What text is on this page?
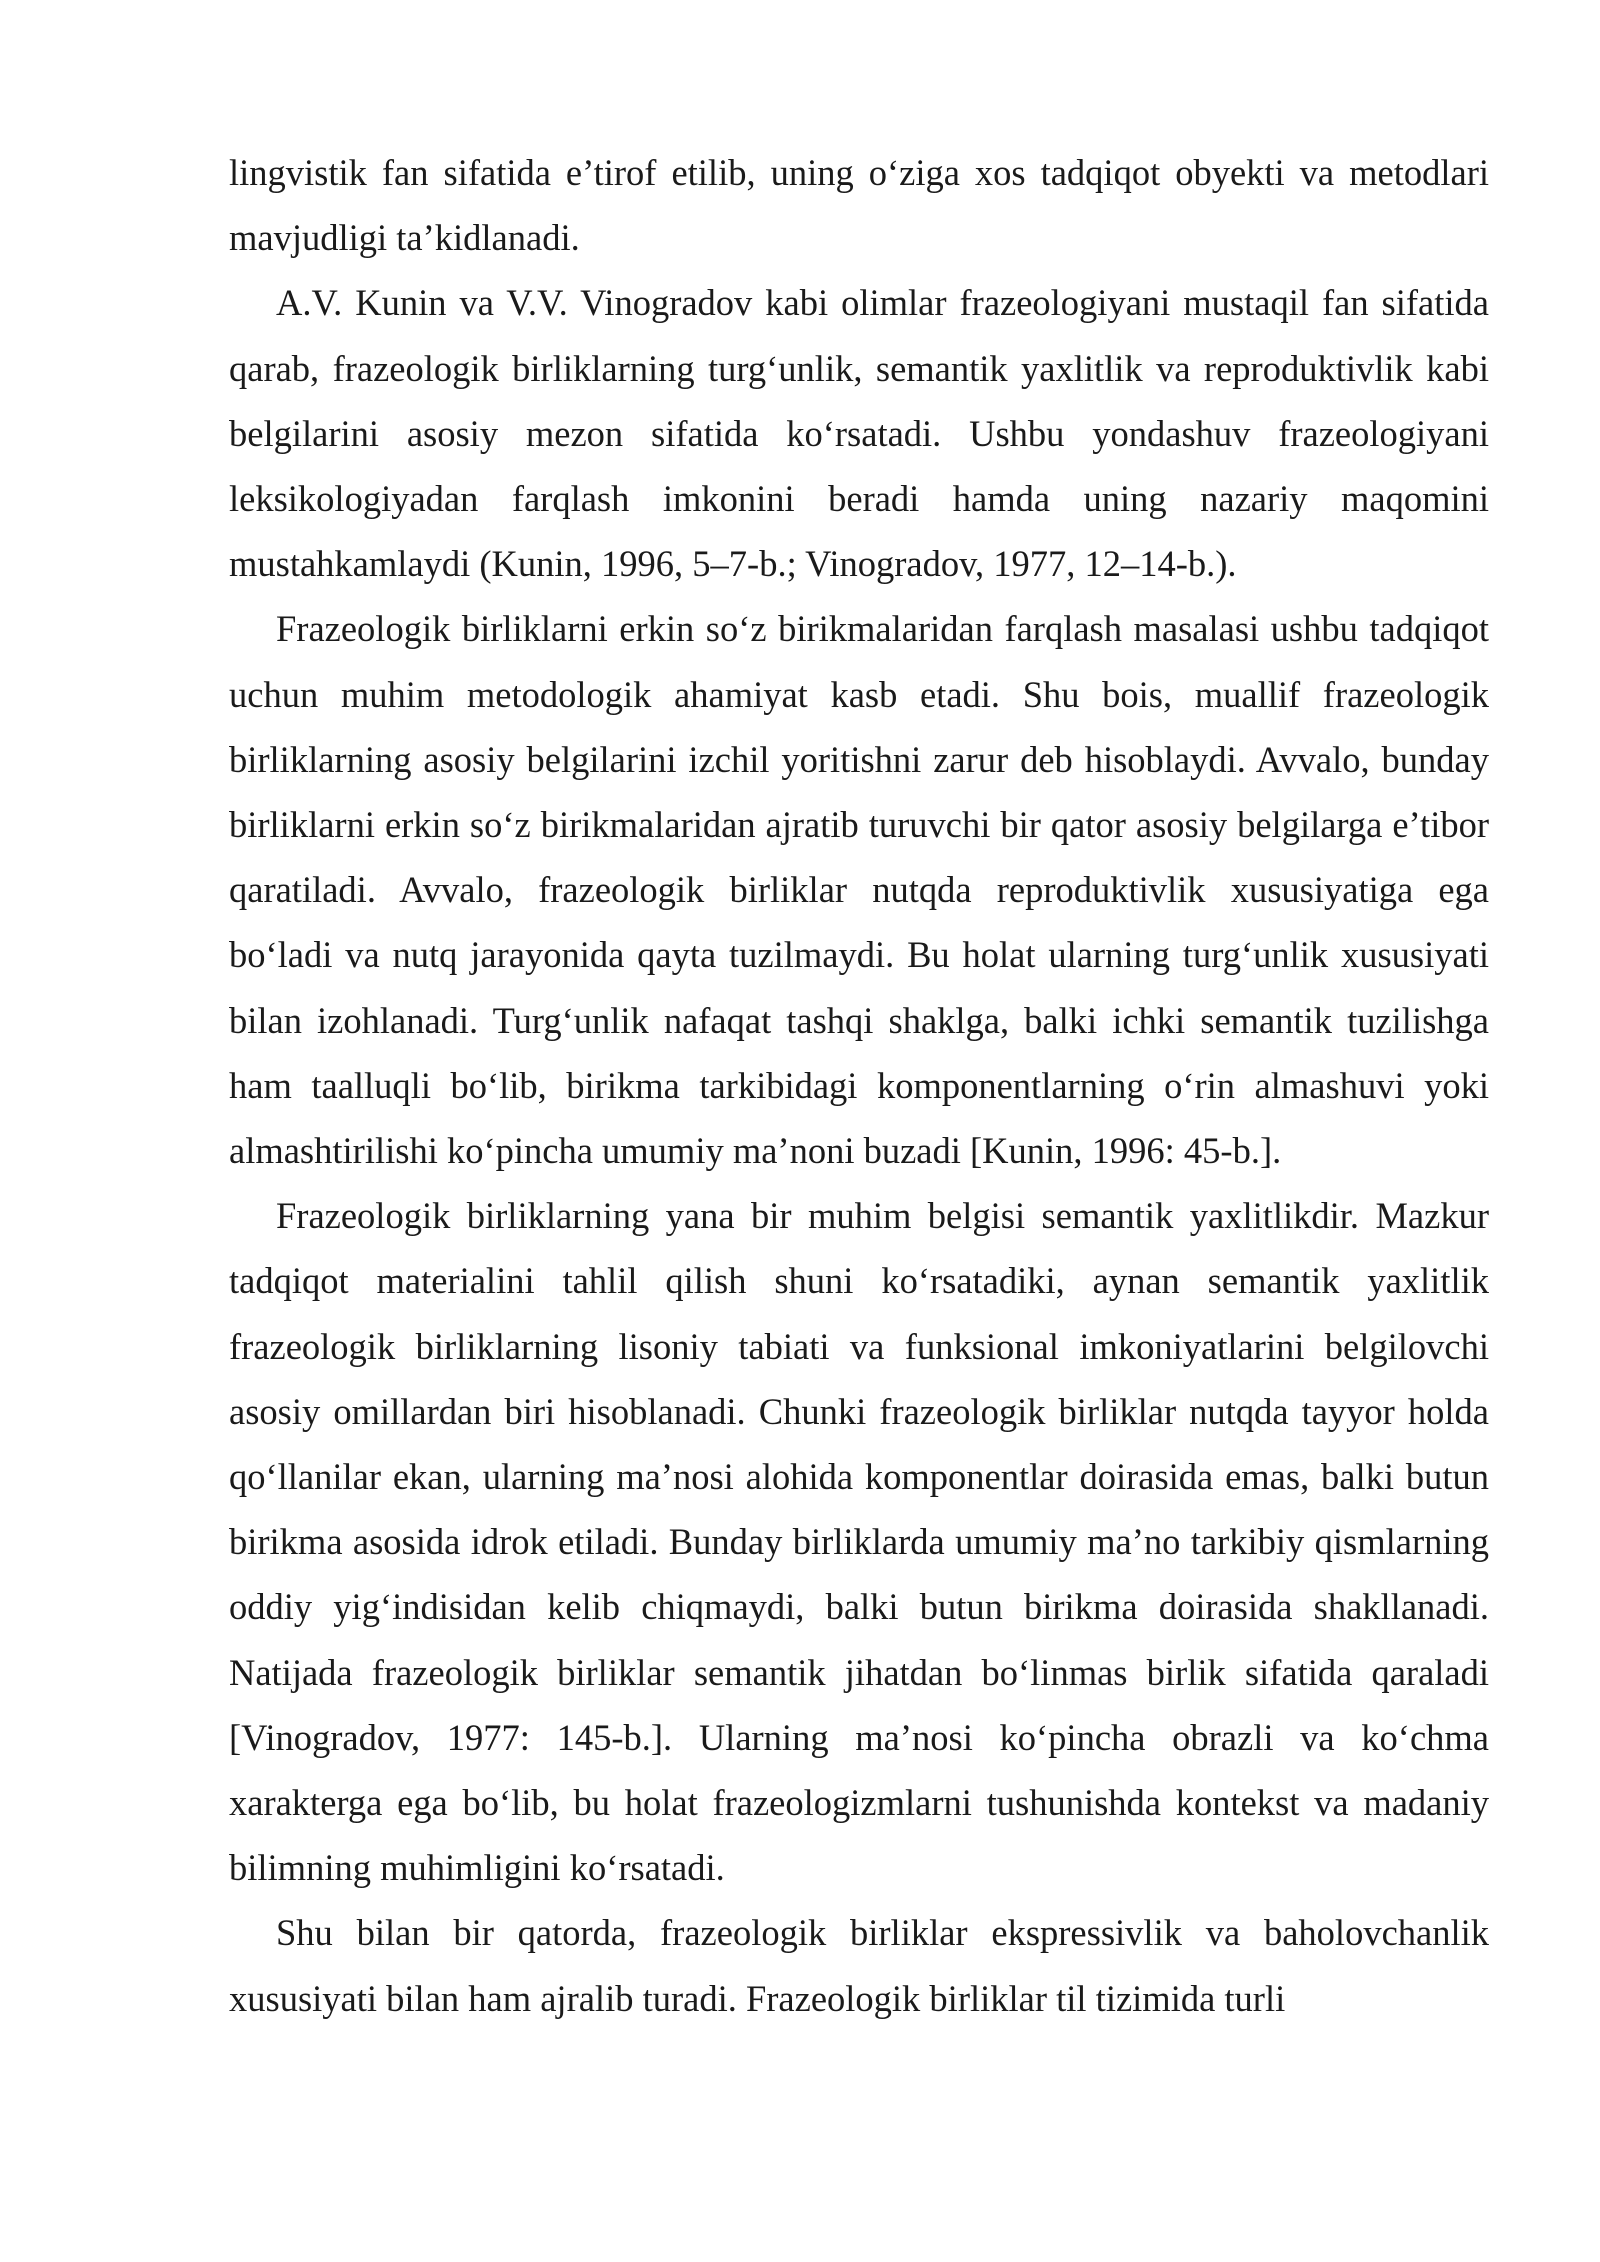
lingvistik fan sifatida e’tirof etilib, uning o‘ziga xos tadqiqot obyekti va metodlari mavjudligi ta’kidlanadi.

A.V. Kunin va V.V. Vinogradov kabi olimlar frazeologiyani mustaqil fan sifatida qarab, frazeologik birliklarning turg‘unlik, semantik yaxlitlik va reproduktivlik kabi belgilarini asosiy mezon sifatida ko‘rsatadi. Ushbu yondashuv frazeologiyani leksikologiyadan farqlash imkonini beradi hamda uning nazariy maqomini mustahkamlaydi (Kunin, 1996, 5–7-b.; Vinogradov, 1977, 12–14-b.).

Frazeologik birliklarni erkin so‘z birikmalaridan farqlash masalasi ushbu tadqiqot uchun muhim metodologik ahamiyat kasb etadi. Shu bois, muallif frazeologik birliklarning asosiy belgilarini izchil yoritishni zarur deb hisoblaydi. Avvalo, bunday birliklarni erkin so‘z birikmalaridan ajratib turuvchi bir qator asosiy belgilarga e’tibor qaratiladi. Avvalo, frazeologik birliklar nutqda reproduktivlik xususiyatiga ega bo‘ladi va nutq jarayonida qayta tuzilmaydi. Bu holat ularning turg‘unlik xususiyati bilan izohlanadi. Turg‘unlik nafaqat tashqi shaklga, balki ichki semantik tuzilishga ham taalluqli bo‘lib, birikma tarkibidagi komponentlarning o‘rin almashuvi yoki almashtirilishi ko‘pincha umumiy ma’noni buzadi [Kunin, 1996: 45-b.].

Frazeologik birliklarning yana bir muhim belgisi semantik yaxlitlikdir. Mazkur tadqiqot materialini tahlil qilish shuni ko‘rsatadiki, aynan semantik yaxlitlik frazeologik birliklarning lisoniy tabiati va funksional imkoniyatlarini belgilovchi asosiy omillardan biri hisoblanadi. Chunki frazeologik birliklar nutqda tayyor holda qo‘llanilar ekan, ularning ma’nosi alohida komponentlar doirasida emas, balki butun birikma asosida idrok etiladi. Bunday birliklarda umumiy ma’no tarkibiy qismlarning oddiy yig‘indisidan kelib chiqmaydi, balki butun birikma doirasida shakllanadi. Natijada frazeologik birliklar semantik jihatdan bo‘linmas birlik sifatida qaraladi [Vinogradov, 1977: 145-b.]. Ularning ma’nosi ko‘pincha obrazli va ko‘chma xarakterga ega bo‘lib, bu holat frazeologizmlarni tushunishda kontekst va madaniy bilimning muhimligini ko‘rsatadi.

Shu bilan bir qatorda, frazeologik birliklar ekspressivlik va baholovchanlik xususiyati bilan ham ajralib turadi. Frazeologik birliklar til tizimida turli
